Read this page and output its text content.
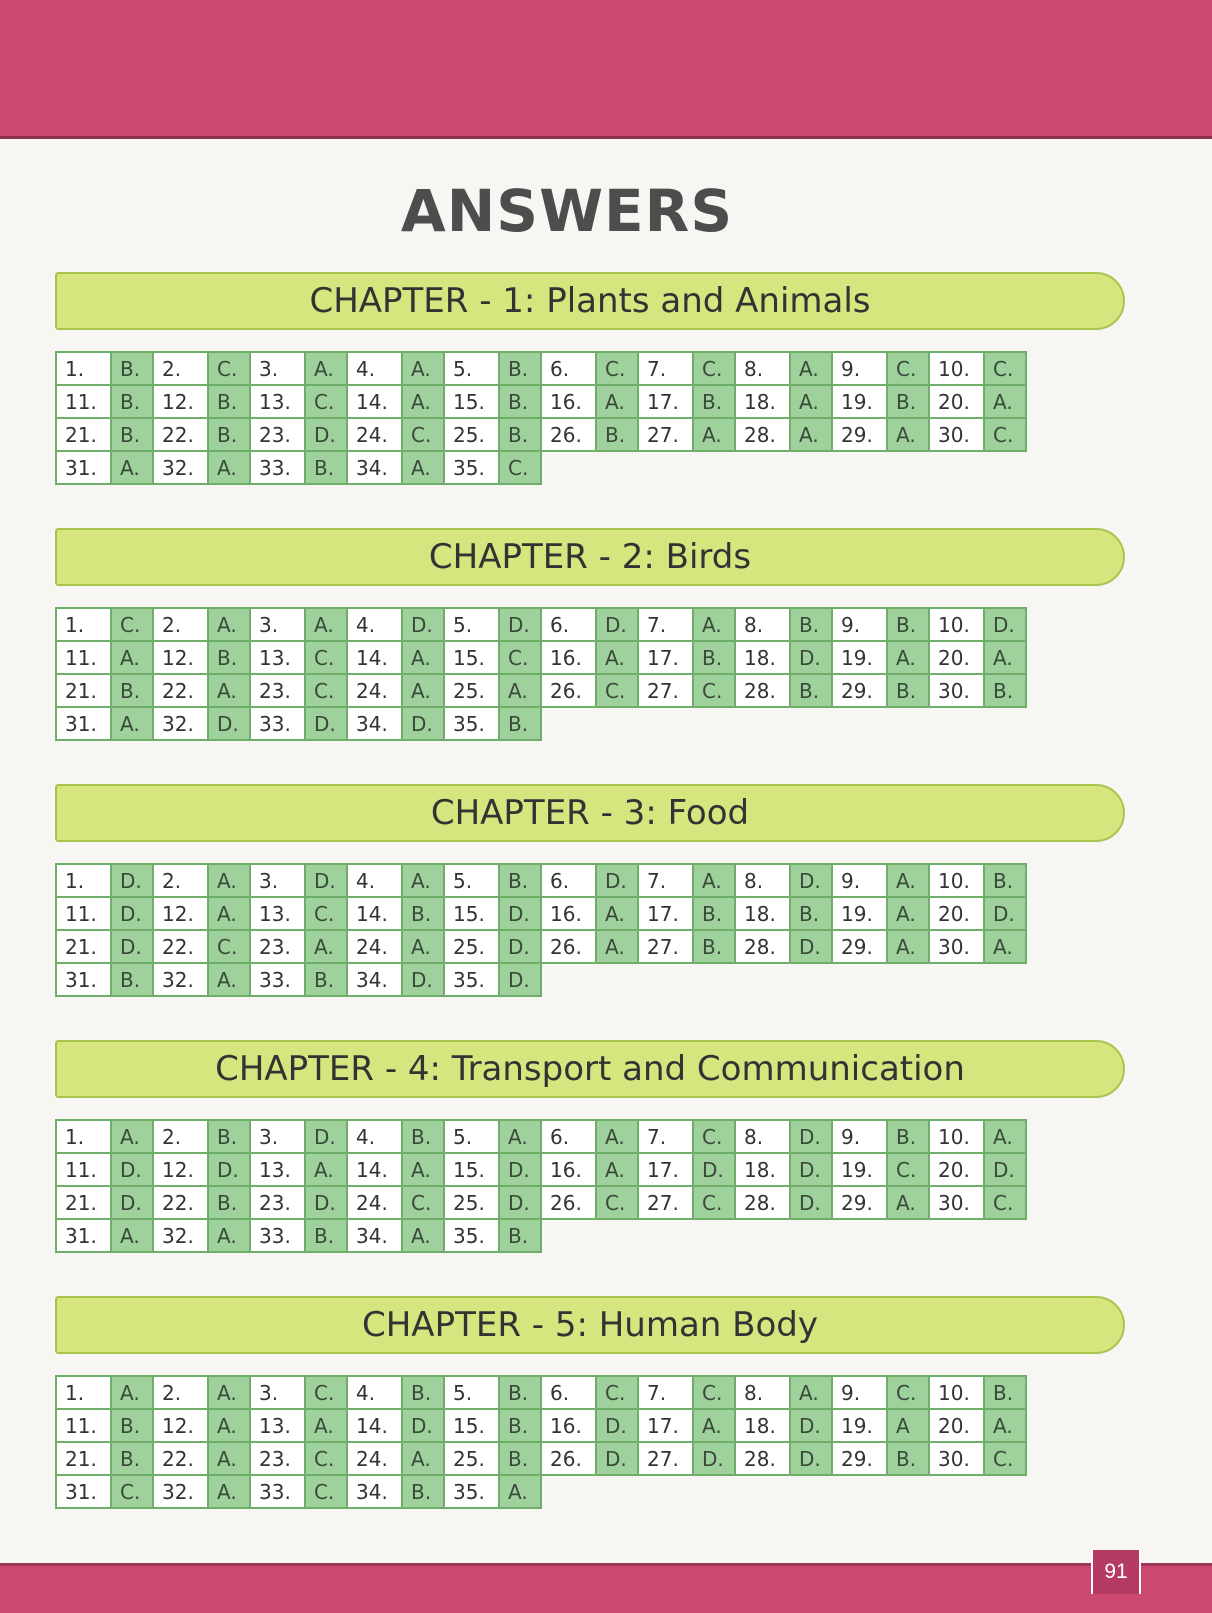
ANSWERS
CHAPTER - 1: Plants and Animals
1.	B.	2.	C.	3.	A.	4.	A.	5.	B.	6.	C.	7.	C.	8.	A.	9.	C.	10.	C.
11.	B.	12.	B.	13.	C.	14.	A.	15.	B.	16.	A.	17.	B.	18.	A.	19.	B.	20.	A.
21.	B.	22.	B.	23.	D.	24.	C.	25.	B.	26.	B.	27.	A.	28.	A.	29.	A.	30.	C.
31.	A.	32.	A.	33.	B.	34.	A.	35.	C.										
CHAPTER - 2: Birds
1.	C.	2.	A.	3.	A.	4.	D.	5.	D.	6.	D.	7.	A.	8.	B.	9.	B.	10.	D.
11.	A.	12.	B.	13.	C.	14.	A.	15.	C.	16.	A.	17.	B.	18.	D.	19.	A.	20.	A.
21.	B.	22.	A.	23.	C.	24.	A.	25.	A.	26.	C.	27.	C.	28.	B.	29.	B.	30.	B.
31.	A.	32.	D.	33.	D.	34.	D.	35.	B.										
CHAPTER - 3: Food
1.	D.	2.	A.	3.	D.	4.	A.	5.	B.	6.	D.	7.	A.	8.	D.	9.	A.	10.	B.
11.	D.	12.	A.	13.	C.	14.	B.	15.	D.	16.	A.	17.	B.	18.	B.	19.	A.	20.	D.
21.	D.	22.	C.	23.	A.	24.	A.	25.	D.	26.	A.	27.	B.	28.	D.	29.	A.	30.	A.
31.	B.	32.	A.	33.	B.	34.	D.	35.	D.										
CHAPTER - 4: Transport and Communication
1.	A.	2.	B.	3.	D.	4.	B.	5.	A.	6.	A.	7.	C.	8.	D.	9.	B.	10.	A.
11.	D.	12.	D.	13.	A.	14.	A.	15.	D.	16.	A.	17.	D.	18.	D.	19.	C.	20.	D.
21.	D.	22.	B.	23.	D.	24.	C.	25.	D.	26.	C.	27.	C.	28.	D.	29.	A.	30.	C.
31.	A.	32.	A.	33.	B.	34.	A.	35.	B.										
CHAPTER - 5: Human Body
1.	A.	2.	A.	3.	C.	4.	B.	5.	B.	6.	C.	7.	C.	8.	A.	9.	C.	10.	B.
11.	B.	12.	A.	13.	A.	14.	D.	15.	B.	16.	D.	17.	A.	18.	D.	19.	A	20.	A.
21.	B.	22.	A.	23.	C.	24.	A.	25.	B.	26.	D.	27.	D.	28.	D.	29.	B.	30.	C.
31.	C.	32.	A.	33.	C.	34.	B.	35.	A.										
91
